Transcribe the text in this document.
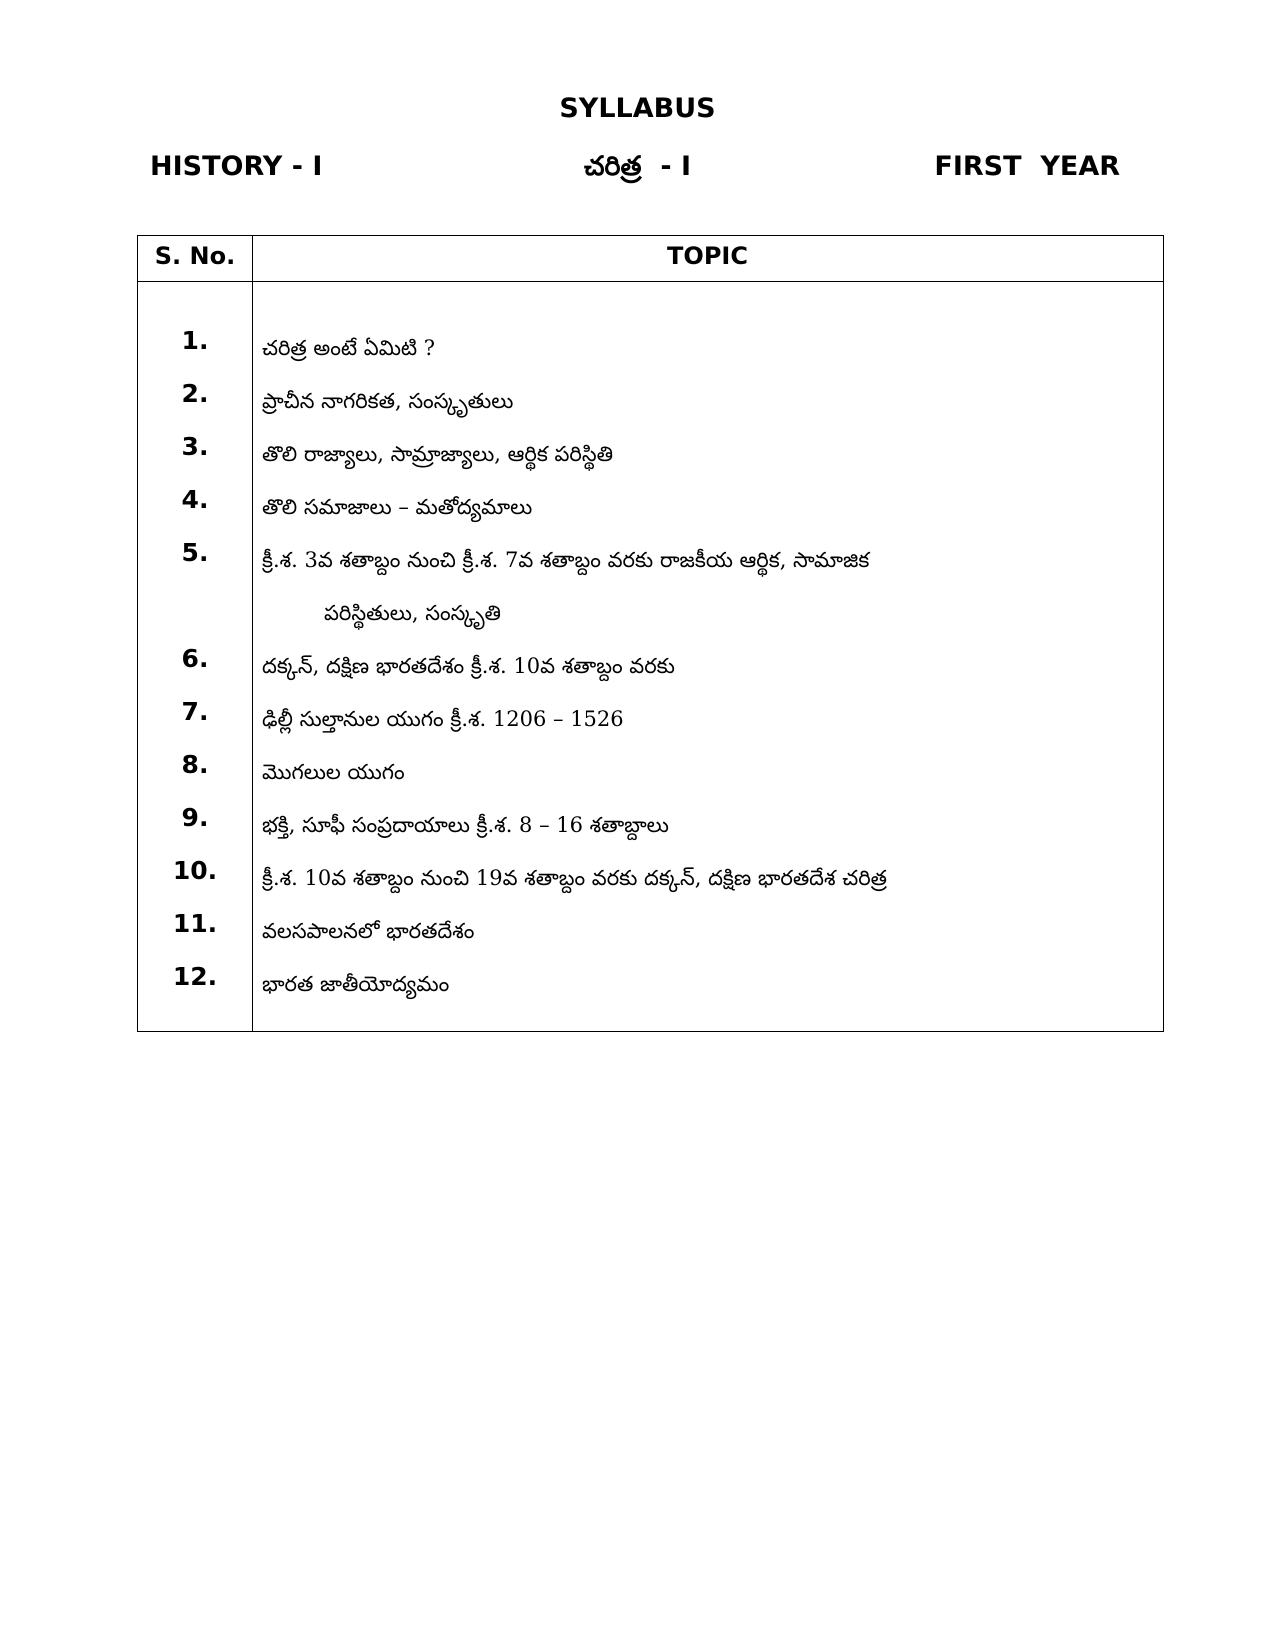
SYLLABUS
HISTORY - I	చరిత్ర  - I	FIRST  YEAR
S. No.	TOPIC
1.	చరిత్ర అంటే ఏమిటి ?
2.	ప్రాచీన నాగరికత, సంస్కృతులు
3.	తొలి రాజ్యాలు, సామ్రాజ్యాలు, ఆర్థిక పరిస్థితి
4.	తొలి సమాజాలు – మతోద్యమాలు
5.	క్రీ.శ. 3వ శతాబ్దం నుంచి క్రీ.శ. 7వ శతాబ్దం వరకు రాజకీయ ఆర్థిక, సామాజిక
పరిస్థితులు, సంస్కృతి
6.	దక్కన్, దక్షిణ భారతదేశం క్రీ.శ. 10వ శతాబ్దం వరకు
7.	ఢిల్లీ సుల్తానుల యుగం క్రీ.శ. 1206 – 1526
8.	మొగలుల యుగం
9.	భక్తి, సూఫీ సంప్రదాయాలు క్రీ.శ. 8 – 16 శతాబ్దాలు
10.	క్రీ.శ. 10వ శతాబ్దం నుంచి 19వ శతాబ్దం వరకు దక్కన్, దక్షిణ భారతదేశ చరిత్ర
11.	వలసపాలనలో భారతదేశం
12.	భారత జాతీయోద్యమం
